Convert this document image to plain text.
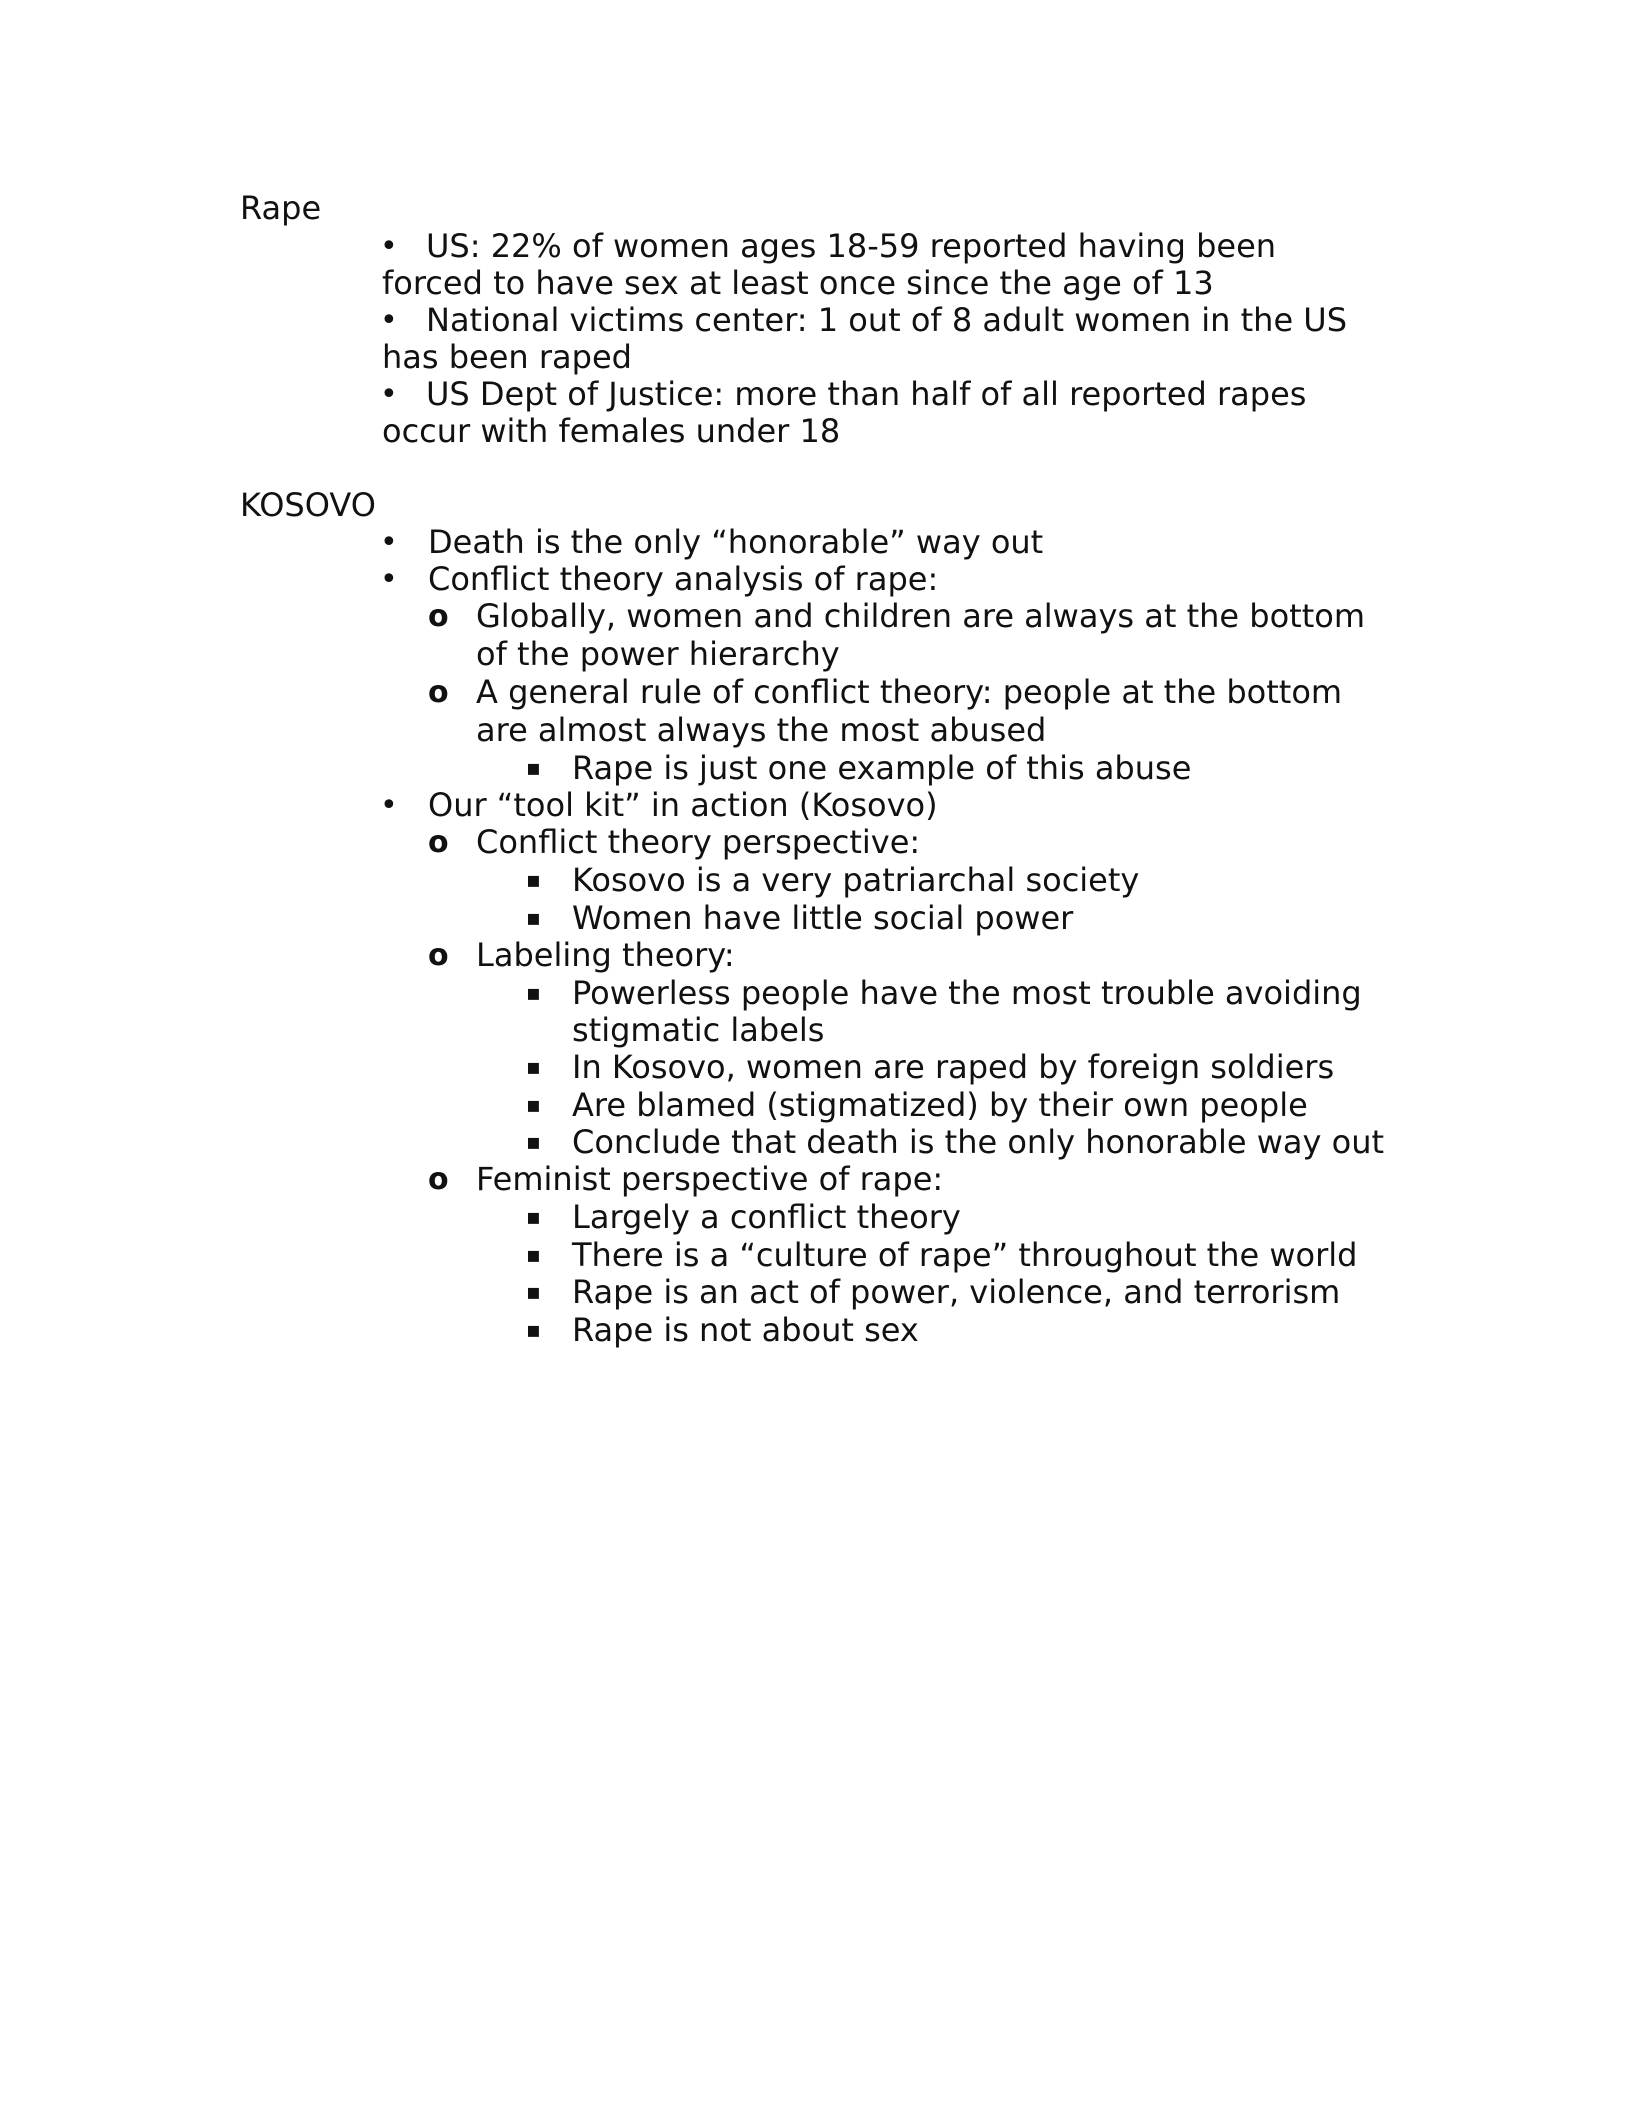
Rape
• US: 22% of women ages 18-59 reported having been
forced to have sex at least once since the age of 13
• National victims center: 1 out of 8 adult women in the US
has been raped
• US Dept of Justice: more than half of all reported rapes
occur with females under 18
KOSOVO
• Death is the only “honorable” way out
• Conflict theory analysis of rape:
o Globally, women and children are always at the bottom
of the power hierarchy
o A general rule of conflict theory: people at the bottom
are almost always the most abused
▪ Rape is just one example of this abuse
• Our “tool kit” in action (Kosovo)
o Conflict theory perspective:
▪ Kosovo is a very patriarchal society
▪ Women have little social power
o Labeling theory:
▪ Powerless people have the most trouble avoiding
stigmatic labels
▪ In Kosovo, women are raped by foreign soldiers
▪ Are blamed (stigmatized) by their own people
▪ Conclude that death is the only honorable way out
o Feminist perspective of rape:
▪ Largely a conflict theory
▪ There is a “culture of rape” throughout the world
▪ Rape is an act of power, violence, and terrorism
▪ Rape is not about sex
